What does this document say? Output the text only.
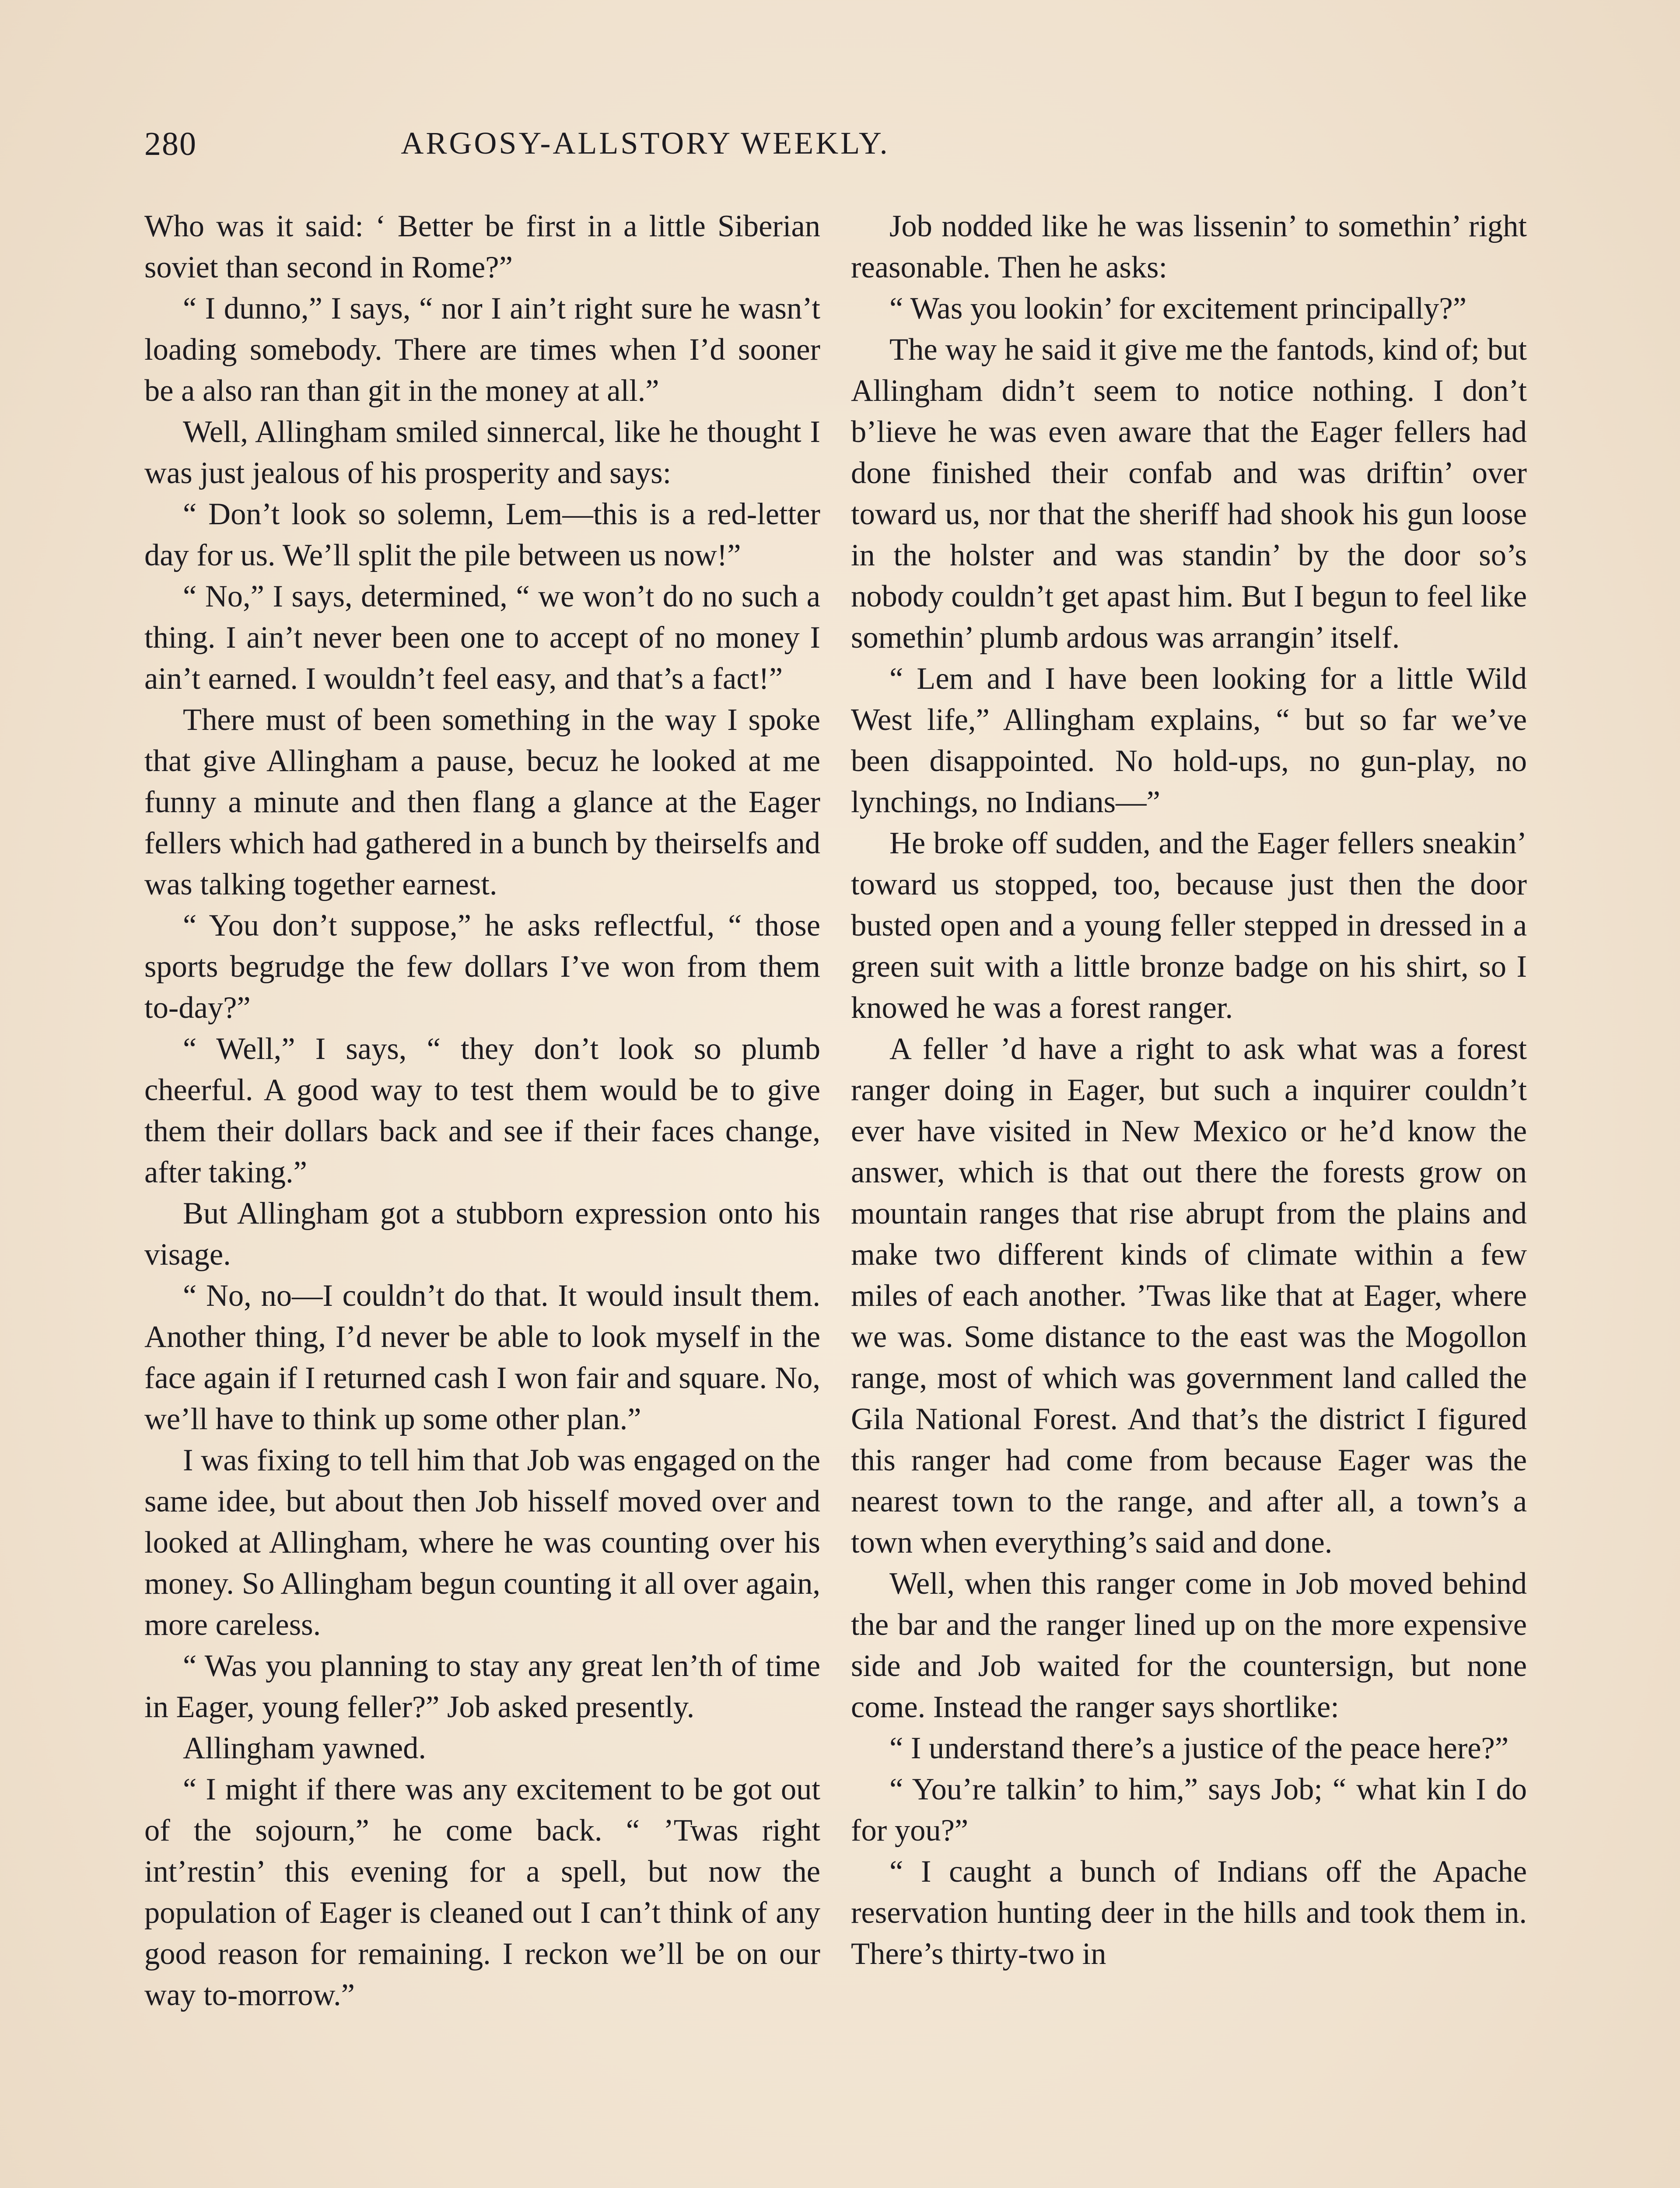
280	ARGOSY-ALLSTORY WEEKLY.

Who was it said: ‘ Better be first in a little Siberian soviet than second in Rome?”

“ I dunno,” I says, “ nor I ain’t right sure he wasn’t loading somebody. There are times when I’d sooner be a also ran than git in the money at all.”

Well, Allingham smiled sinnercal, like he thought I was just jealous of his prosperity and says:

“ Don’t look so solemn, Lem—this is a red-letter day for us. We’ll split the pile between us now!”

“ No,” I says, determined, “ we won’t do no such a thing. I ain’t never been one to accept of no money I ain’t earned. I wouldn’t feel easy, and that’s a fact!”

There must of been something in the way I spoke that give Allingham a pause, becuz he looked at me funny a minute and then flang a glance at the Eager fellers which had gathered in a bunch by theirselfs and was talking together earnest.

“ You don’t suppose,” he asks reflectful, “ those sports begrudge the few dollars I’ve won from them to-day?”

“ Well,” I says, “ they don’t look so plumb cheerful. A good way to test them would be to give them their dollars back and see if their faces change, after taking.”

But Allingham got a stubborn expression onto his visage.

“ No, no—I couldn’t do that. It would insult them. Another thing, I’d never be able to look myself in the face again if I returned cash I won fair and square. No, we’ll have to think up some other plan.”

I was fixing to tell him that Job was engaged on the same idee, but about then Job hisself moved over and looked at Allingham, where he was counting over his money. So Allingham begun counting it all over again, more careless.

“ Was you planning to stay any great len’th of time in Eager, young feller?” Job asked presently.

Allingham yawned.

“ I might if there was any excitement to be got out of the sojourn,” he come back. “ ’Twas right int’restin’ this evening for a spell, but now the population of Eager is cleaned out I can’t think of any good reason for remaining. I reckon we’ll be on our way to-morrow.”

Job nodded like he was lissenin’ to somethin’ right reasonable. Then he asks:

“ Was you lookin’ for excitement principally?”

The way he said it give me the fantods, kind of; but Allingham didn’t seem to notice nothing. I don’t b’lieve he was even aware that the Eager fellers had done finished their confab and was driftin’ over toward us, nor that the sheriff had shook his gun loose in the holster and was standin’ by the door so’s nobody couldn’t get apast him. But I begun to feel like somethin’ plumb ardous was arrangin’ itself.

“ Lem and I have been looking for a little Wild West life,” Allingham explains, “ but so far we’ve been disappointed. No hold-ups, no gun-play, no lynchings, no Indians—”

He broke off sudden, and the Eager fellers sneakin’ toward us stopped, too, because just then the door busted open and a young feller stepped in dressed in a green suit with a little bronze badge on his shirt, so I knowed he was a forest ranger.

A feller ’d have a right to ask what was a forest ranger doing in Eager, but such a inquirer couldn’t ever have visited in New Mexico or he’d know the answer, which is that out there the forests grow on mountain ranges that rise abrupt from the plains and make two different kinds of climate within a few miles of each another. ’Twas like that at Eager, where we was. Some distance to the east was the Mogollon range, most of which was government land called the Gila National Forest. And that’s the district I figured this ranger had come from because Eager was the nearest town to the range, and after all, a town’s a town when everything’s said and done.

Well, when this ranger come in Job moved behind the bar and the ranger lined up on the more expensive side and Job waited for the countersign, but none come. Instead the ranger says shortlike:

“ I understand there’s a justice of the peace here?”

“ You’re talkin’ to him,” says Job; “ what kin I do for you?”

“ I caught a bunch of Indians off the Apache reservation hunting deer in the hills and took them in. There’s thirty-two in
